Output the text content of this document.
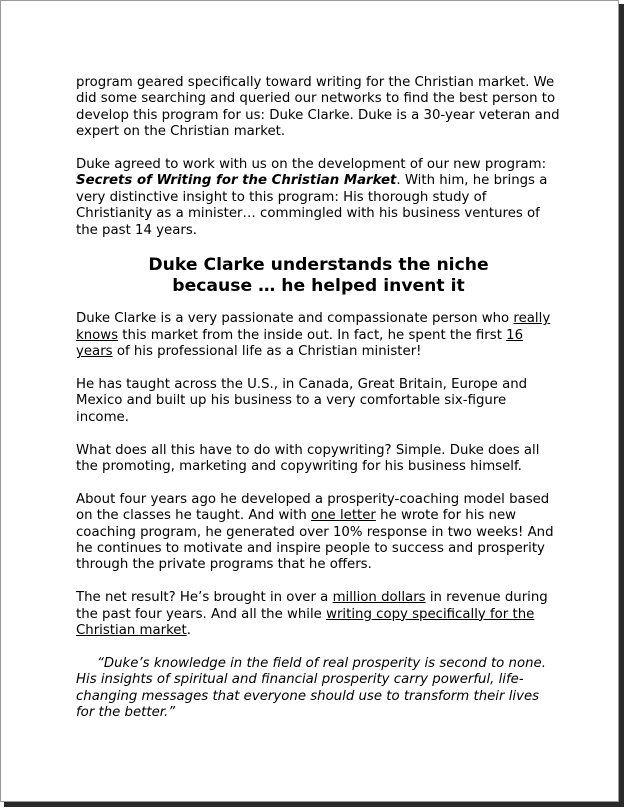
program geared specifically toward writing for the Christian market. We did some searching and queried our networks to find the best person to develop this program for us: Duke Clarke. Duke is a 30-year veteran and expert on the Christian market.

Duke agreed to work with us on the development of our new program: Secrets of Writing for the Christian Market. With him, he brings a very distinctive insight to this program: His thorough study of Christianity as a minister… commingled with his business ventures of the past 14 years.

Duke Clarke understands the niche
because … he helped invent it

Duke Clarke is a very passionate and compassionate person who really knows this market from the inside out. In fact, he spent the first 16 years of his professional life as a Christian minister!

He has taught across the U.S., in Canada, Great Britain, Europe and Mexico and built up his business to a very comfortable six-figure income.

What does all this have to do with copywriting? Simple. Duke does all the promoting, marketing and copywriting for his business himself.

About four years ago he developed a prosperity-coaching model based on the classes he taught. And with one letter he wrote for his new coaching program, he generated over 10% response in two weeks! And he continues to motivate and inspire people to success and prosperity through the private programs that he offers.

The net result? He’s brought in over a million dollars in revenue during the past four years. And all the while writing copy specifically for the Christian market.

“Duke’s knowledge in the field of real prosperity is second to none. His insights of spiritual and financial prosperity carry powerful, life-changing messages that everyone should use to transform their lives for the better.”
